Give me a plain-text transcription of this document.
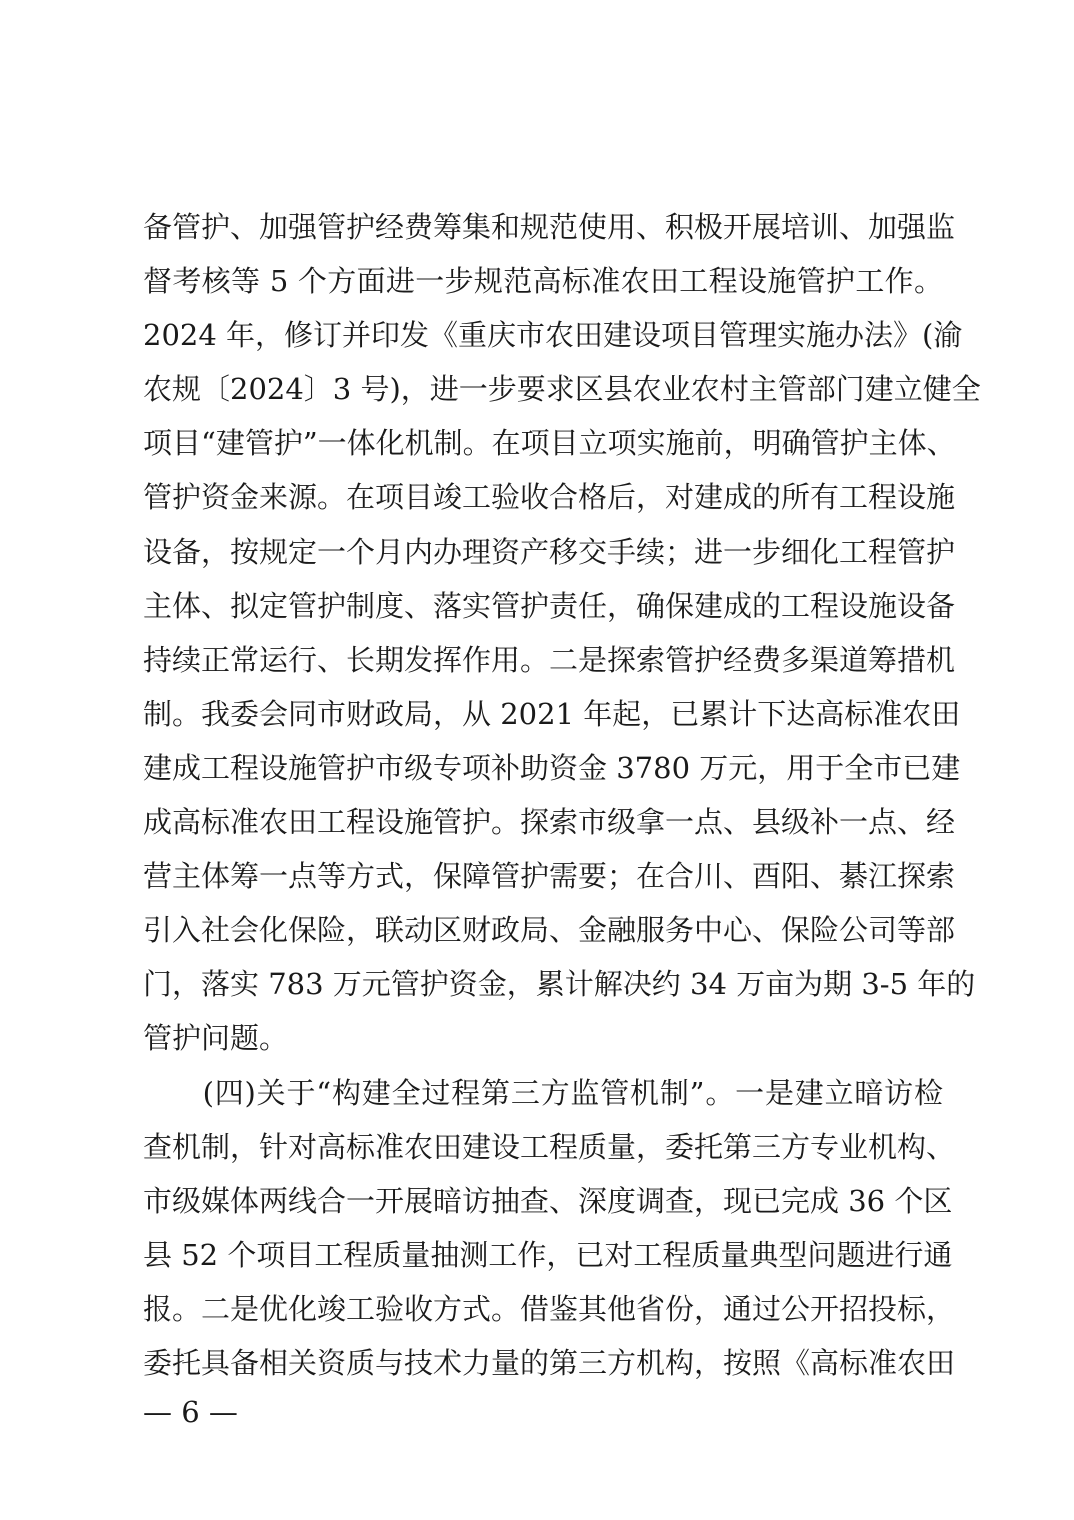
备管护、加强管护经费筹集和规范使用、积极开展培训、加强监
督考核等 5 个方面进一步规范高标准农田工程设施管护工作。
2024 年，修订并印发《重庆市农田建设项目管理实施办法》(渝
农规〔2024〕3 号)，进一步要求区县农业农村主管部门建立健全
项目“建管护”一体化机制。在项目立项实施前，明确管护主体、
管护资金来源。在项目竣工验收合格后，对建成的所有工程设施
设备，按规定一个月内办理资产移交手续；进一步细化工程管护
主体、拟定管护制度、落实管护责任，确保建成的工程设施设备
持续正常运行、长期发挥作用。二是探索管护经费多渠道筹措机
制。我委会同市财政局，从 2021 年起，已累计下达高标准农田
建成工程设施管护市级专项补助资金 3780 万元，用于全市已建
成高标准农田工程设施管护。探索市级拿一点、县级补一点、经
营主体筹一点等方式，保障管护需要；在合川、酉阳、綦江探索
引入社会化保险，联动区财政局、金融服务中心、保险公司等部
门，落实 783 万元管护资金，累计解决约 34 万亩为期 3-5 年的
管护问题。
　　(四)关于“构建全过程第三方监管机制”。一是建立暗访检
查机制，针对高标准农田建设工程质量，委托第三方专业机构、
市级媒体两线合一开展暗访抽查、深度调查，现已完成 36 个区
县 52 个项目工程质量抽测工作，已对工程质量典型问题进行通
报。二是优化竣工验收方式。借鉴其他省份，通过公开招投标，
委托具备相关资质与技术力量的第三方机构，按照《高标准农田
— 6 —
